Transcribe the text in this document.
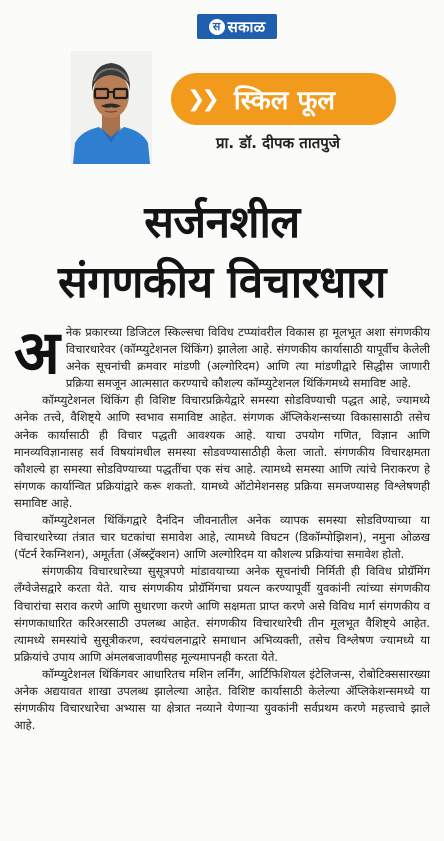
स सकाळ
❯❯ स्किल फूल
प्रा. डॉ. दीपक तातपुजे
सर्जनशील
संगणकीय विचारधारा

अनेक प्रकारच्या डिजिटल स्किल्सचा विविध टप्प्यांवरील विकास हा मूलभूत अशा संगणकीय विचारधारेवर (कॉम्प्युटेशनल थिंकिंग) झालेला आहे. संगणकीय कार्यासाठी यापूर्वीच केलेली अनेक सूचनांची क्रमवार मांडणी (अल्गोरिदम) आणि त्या मांडणीद्वारे सिद्धीस जाणारी प्रक्रिया समजून आत्मसात करण्याचे कौशल्य कॉम्प्युटेशनल थिंकिंगमध्ये समाविष्ट आहे.

कॉम्प्युटेशनल थिंकिंग ही विशिष्ट विचारप्रक्रियेद्वारे समस्या सोडविण्याची पद्धत आहे, ज्यामध्ये अनेक तत्त्वे, वैशिष्ट्ये आणि स्वभाव समाविष्ट आहेत. संगणक ॲप्लिकेशन्सच्या विकासासाठी तसेच अनेक कार्यासाठी ही विचार पद्धती आवश्यक आहे. याचा उपयोग गणित, विज्ञान आणि मानव्यविज्ञानासह सर्व विषयांमधील समस्या सोडवण्यासाठीही केला जातो. संगणकीय विचारक्षमता कौशल्ये हा समस्या सोडविण्याच्या पद्धतींचा एक संच आहे. त्यामध्ये समस्या आणि त्यांचे निराकरण हे संगणक कार्यान्वित प्रक्रियांद्वारे करू शकतो. यामध्ये ऑटोमेशनसह प्रक्रिया समजण्यासह विश्लेषणही समाविष्ट आहे.

कॉम्प्युटेशनल थिंकिंगद्वारे दैनंदिन जीवनातील अनेक व्यापक समस्या सोडविण्याच्या या विचारधारेच्या तंत्रात चार घटकांचा समावेश आहे, त्यामध्ये विघटन (डिकॉम्पोझिशन), नमुना ओळख (पॅटर्न रेकग्निशन), अमूर्तता (ॲब्स्ट्रॅक्शन) आणि अल्गोरिदम या कौशल्य प्रक्रियांचा समावेश होतो.

संगणकीय विचारधारेच्या सुसूत्रपणे मांडावयाच्या अनेक सूचनांची निर्मिती ही विविध प्रोग्रॅमिंग लॅंग्वेजेसद्वारे करता येते. याच संगणकीय प्रोग्रॅमिंगचा प्रयत्न करण्यापूर्वी युवकांनी त्यांच्या संगणकीय विचारांचा सराव करणे आणि सुधारणा करणे आणि सक्षमता प्राप्त करणे असे विविध मार्ग संगणकीय व संगणकाधारित करिअरसाठी उपलब्ध आहेत. संगणकीय विचारधारेची तीन मूलभूत वैशिष्ट्ये आहेत. त्यामध्ये समस्यांचे सुसूत्रीकरण, स्वयंचलनाद्वारे समाधान अभिव्यक्ती, तसेच विश्लेषण ज्यामध्ये या प्रक्रियांचे उपाय आणि अंमलबजावणीसह मूल्यमापनही करता येते.

कॉम्प्युटेशनल थिंकिंगवर आधारितच मशिन लर्निंग, आर्टिफिशियल इंटेलिजन्स, रोबोटिक्ससारख्या अनेक अद्ययावत शाखा उपलब्ध झालेल्या आहेत. विशिष्ट कार्यासाठी केलेल्या ॲप्लिकेशन्समध्ये या संगणकीय विचारधारेचा अभ्यास या क्षेत्रात नव्याने येणाऱ्या युवकांनी सर्वप्रथम करणे महत्त्वाचे झाले आहे.
